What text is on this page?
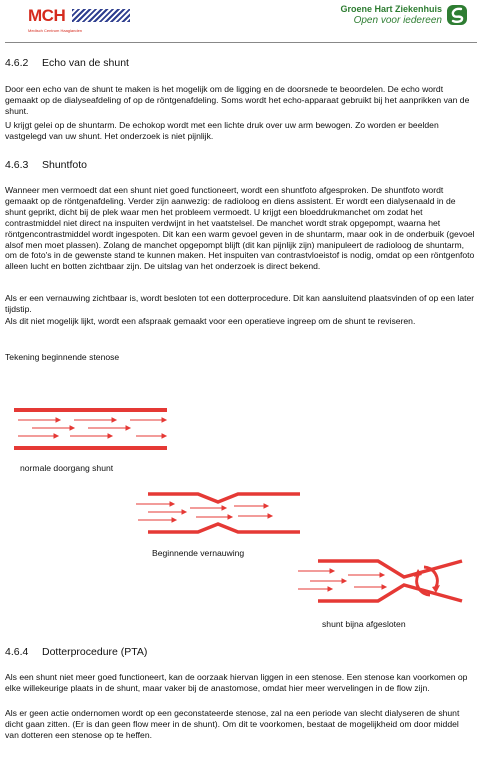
MCH
Medisch Centrum Haaglanden
Groene Hart Ziekenhuis
Open voor iedereen
4.6.2 Echo van de shunt

Door een echo van de shunt te maken is het mogelijk om de ligging en de doorsnede te beoordelen. De echo wordt gemaakt op de dialyseafdeling of op de röntgenafdeling. Soms wordt het echo-apparaat gebruikt bij het aanprikken van de shunt.

U krijgt gelei op de shuntarm. De echokop wordt met een lichte druk over uw arm bewogen. Zo worden er beelden vastgelegd van uw shunt. Het onderzoek is niet pijnlijk.

4.6.3 Shuntfoto

Wanneer men vermoedt dat een shunt niet goed functioneert, wordt een shuntfoto afgesproken. De shuntfoto wordt gemaakt op de röntgenafdeling. Verder zijn aanwezig: de radioloog en diens assistent. Er wordt een dialysenaald in de shunt geprikt, dicht bij de plek waar men het probleem vermoedt. U krijgt een bloeddrukmanchet om zodat het contrastmiddel niet direct na inspuiten verdwijnt in het vaatstelsel. De manchet wordt strak opgepompt, waarna het röntgencontrastmiddel wordt ingespoten. Dit kan een warm gevoel geven in de shuntarm, maar ook in de onderbuik (gevoel alsof men moet plassen). Zolang de manchet opgepompt blijft (dit kan pijnlijk zijn) manipuleert de radioloog de shuntarm, om de foto's in de gewenste stand te kunnen maken. Het inspuiten van contrastvloeistof is nodig, omdat op een röntgenfoto alleen lucht en botten zichtbaar zijn. De uitslag van het onderzoek is direct bekend.

Als er een vernauwing zichtbaar is, wordt besloten tot een dotterprocedure. Dit kan aansluitend plaatsvinden of op een later tijdstip.

Als dit niet mogelijk lijkt, wordt een afspraak gemaakt voor een operatieve ingreep om de shunt te reviseren.

Tekening beginnende stenose
normale doorgang shunt
Beginnende vernauwing
shunt bijna afgesloten
4.6.4 Dotterprocedure (PTA)

Als een shunt niet meer goed functioneert, kan de oorzaak hiervan liggen in een stenose. Een stenose kan voorkomen op elke willekeurige plaats in de shunt, maar vaker bij de anastomose, omdat hier meer wervelingen in de flow zijn.

Als er geen actie ondernomen wordt op een geconstateerde stenose, zal na een periode van slecht dialyseren de shunt dicht gaan zitten. (Er is dan geen flow meer in de shunt). Om dit te voorkomen, bestaat de mogelijkheid om door middel van dotteren een stenose op te heffen.
